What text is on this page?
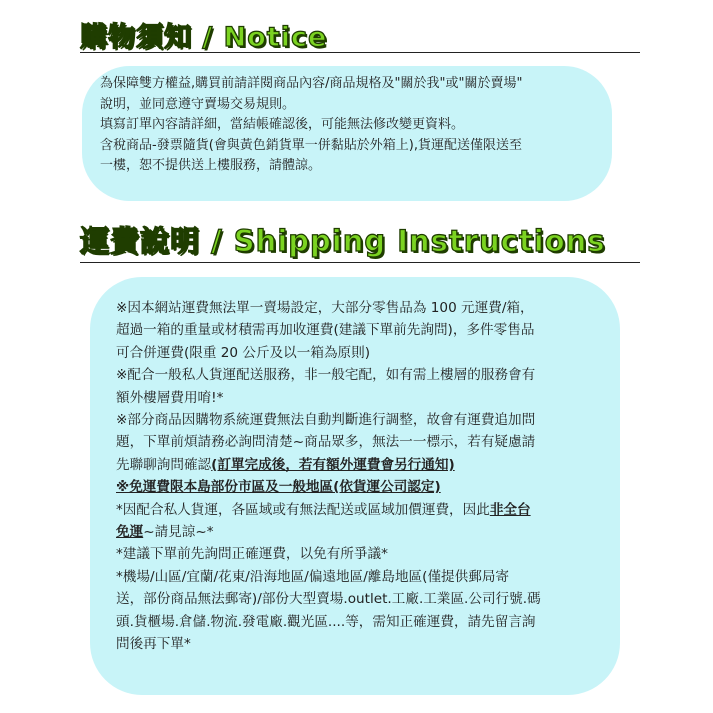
購物須知 / Notice
為保障雙方權益,購買前請詳閱商品內容/商品規格及"關於我"或"關於賣場"
說明，並同意遵守賣場交易規則。
填寫訂單內容請詳細，當結帳確認後，可能無法修改變更資料。
含稅商品-發票隨貨(會與黃色銷貨單一併黏貼於外箱上),貨運配送僅限送至
一樓，恕不提供送上樓服務，請體諒。
運費說明 / Shipping Instructions
※因本網站運費無法單一賣場設定，大部分零售品為 100 元運費/箱，
超過一箱的重量或材積需再加收運費(建議下單前先詢問)，多件零售品
可合併運費(限重 20 公斤及以一箱為原則)
※配合一般私人貨運配送服務，非一般宅配，如有需上樓層的服務會有
額外樓層費用唷!*
※部分商品因購物系統運費無法自動判斷進行調整，故會有運費追加問
題，下單前煩請務必詢問清楚~商品眾多，無法一一標示，若有疑慮請
先聯聊詢問確認(訂單完成後，若有額外運費會另行通知)
※免運費限本島部份市區及一般地區(依貨運公司認定)
*因配合私人貨運，各區域或有無法配送或區域加價運費，因此非全台
免運~請見諒~*
*建議下單前先詢問正確運費，以免有所爭議*
*機場/山區/宜蘭/花東/沿海地區/偏遠地區/離島地區(僅提供郵局寄
送，部份商品無法郵寄)/部份大型賣場.outlet.工廠.工業區.公司行號.碼
頭.貨櫃場.倉儲.物流.發電廠.觀光區....等，需知正確運費，請先留言詢
問後再下單*
